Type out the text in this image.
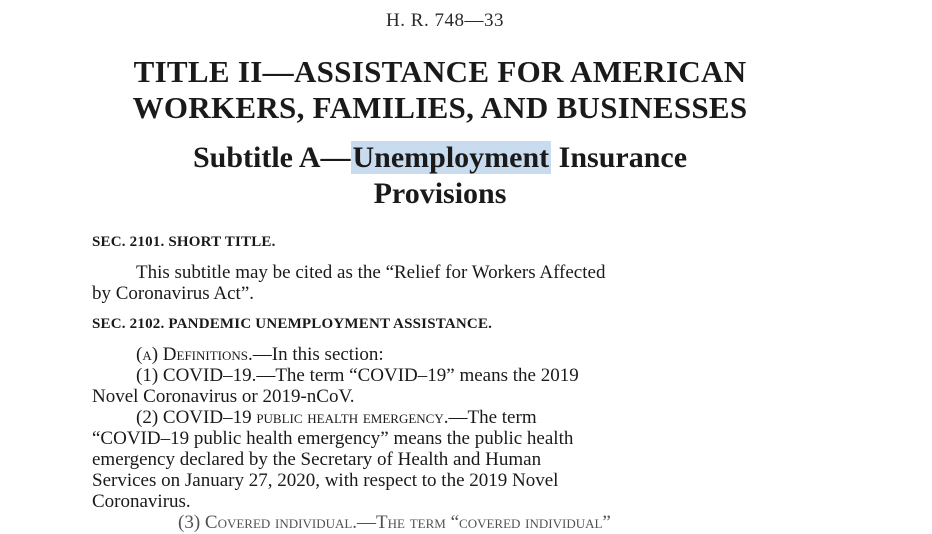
H. R. 748—33
TITLE II—ASSISTANCE FOR AMERICAN
WORKERS, FAMILIES, AND BUSINESSES
Subtitle A—Unemployment Insurance
Provisions
SEC. 2101. SHORT TITLE.
This subtitle may be cited as the “Relief for Workers Affected
by Coronavirus Act”.
SEC. 2102. PANDEMIC UNEMPLOYMENT ASSISTANCE.
(a) Definitions.—In this section:
(1) COVID–19.—The term “COVID–19” means the 2019
Novel Coronavirus or 2019-nCoV.
(2) COVID–19 public health emergency.—The term
“COVID–19 public health emergency” means the public health
emergency declared by the Secretary of Health and Human
Services on January 27, 2020, with respect to the 2019 Novel
Coronavirus.
(3) Covered individual.—The term “covered individual”
